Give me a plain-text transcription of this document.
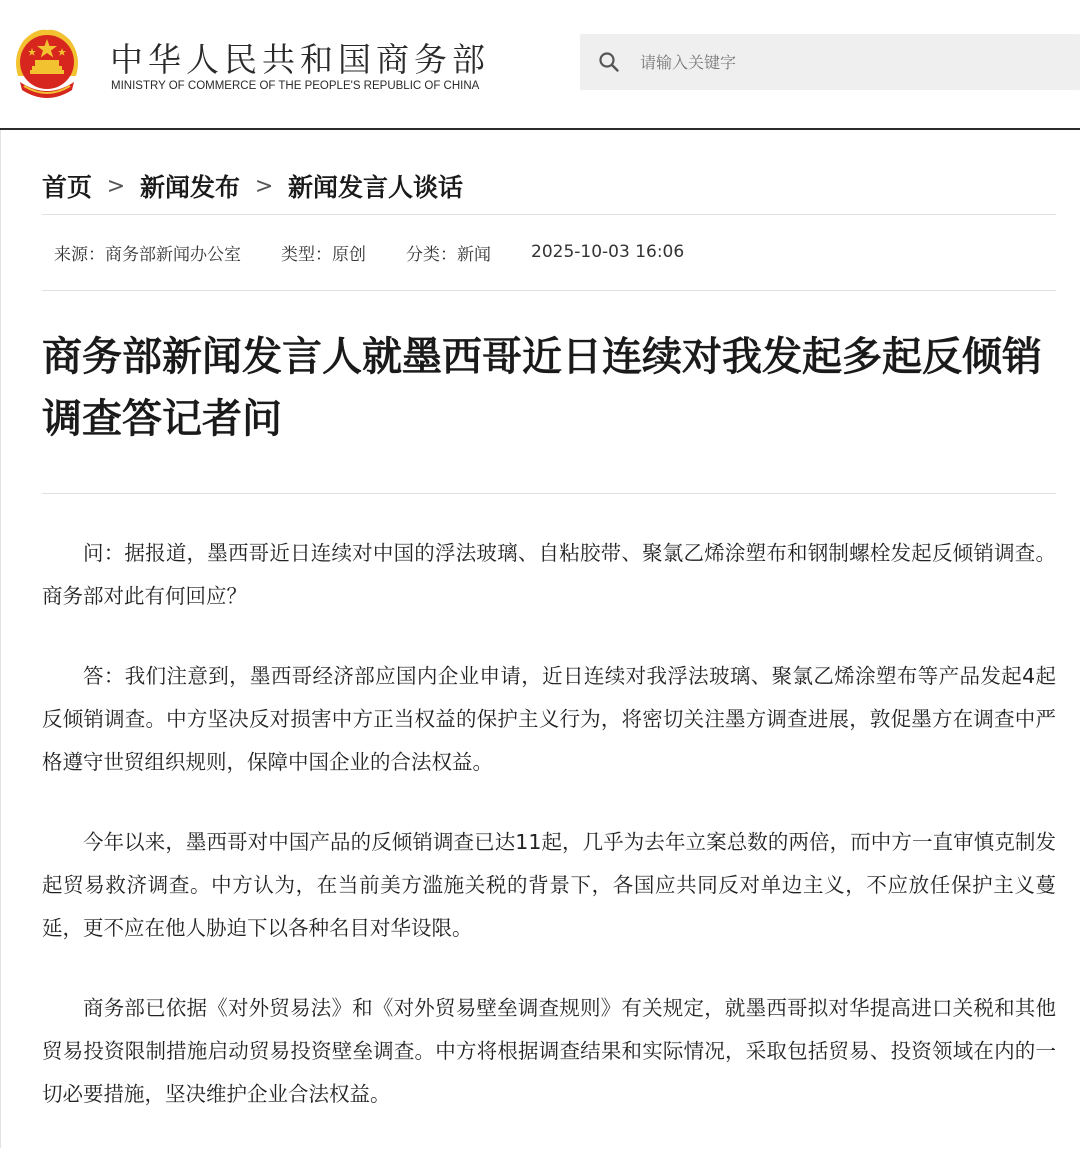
中华人民共和国商务部
MINISTRY OF COMMERCE OF THE PEOPLE'S REPUBLIC OF CHINA
请输入关键字
首页 > 新闻发布 > 新闻发言人谈话
来源：商务部新闻办公室 类型：原创 分类：新闻 2025-10-03 16:06
商务部新闻发言人就墨西哥近日连续对我发起多起反倾销调查答记者问

问：据报道，墨西哥近日连续对中国的浮法玻璃、自粘胶带、聚氯乙烯涂塑布和钢制螺栓发起反倾销调查。商务部对此有何回应？

答：我们注意到，墨西哥经济部应国内企业申请，近日连续对我浮法玻璃、聚氯乙烯涂塑布等产品发起4起反倾销调查。中方坚决反对损害中方正当权益的保护主义行为，将密切关注墨方调查进展，敦促墨方在调查中严格遵守世贸组织规则，保障中国企业的合法权益。

今年以来，墨西哥对中国产品的反倾销调查已达11起，几乎为去年立案总数的两倍，而中方一直审慎克制发起贸易救济调查。中方认为，在当前美方滥施关税的背景下，各国应共同反对单边主义，不应放任保护主义蔓延，更不应在他人胁迫下以各种名目对华设限。

商务部已依据《对外贸易法》和《对外贸易壁垒调查规则》有关规定，就墨西哥拟对华提高进口关税和其他贸易投资限制措施启动贸易投资壁垒调查。中方将根据调查结果和实际情况，采取包括贸易、投资领域在内的一切必要措施，坚决维护企业合法权益。
